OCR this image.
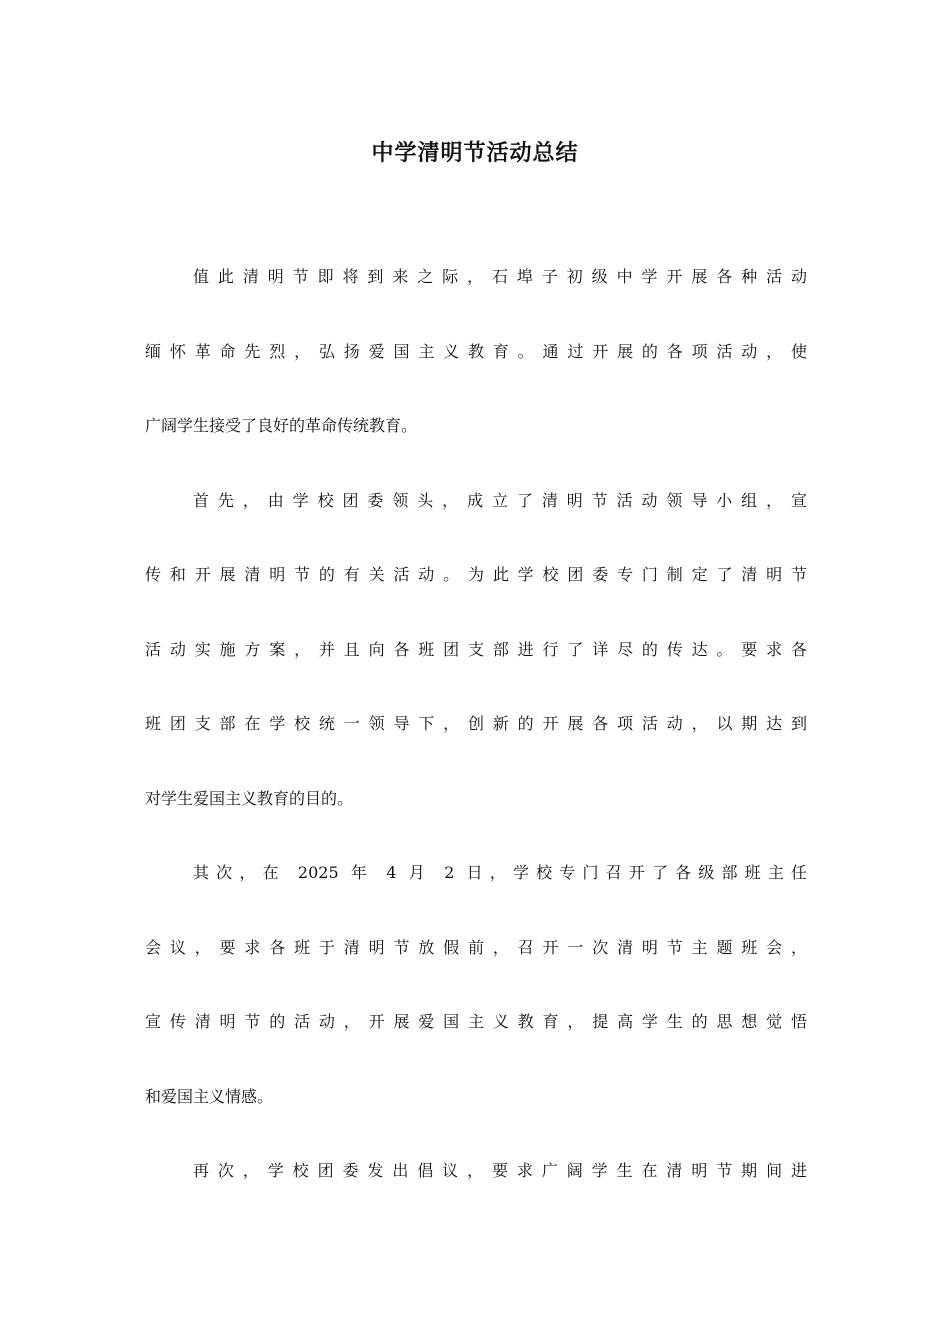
中学清明节活动总结
值此清明节即将到来之际，石埠子初级中学开展各种活动
缅怀革命先烈，弘扬爱国主义教育。通过开展的各项活动，使
广阔学生接受了良好的革命传统教育。
首先，由学校团委领头，成立了清明节活动领导小组，宣
传和开展清明节的有关活动。为此学校团委专门制定了清明节
活动实施方案，并且向各班团支部进行了详尽的传达。要求各
班团支部在学校统一领导下，创新的开展各项活动，以期达到
对学生爱国主义教育的目的。
其次，在 2025 年 4 月 2 日，学校专门召开了各级部班主任
会议，要求各班于清明节放假前，召开一次清明节主题班会，
宣传清明节的活动，开展爱国主义教育，提高学生的思想觉悟
和爱国主义情感。
再次，学校团委发出倡议，要求广阔学生在清明节期间进
